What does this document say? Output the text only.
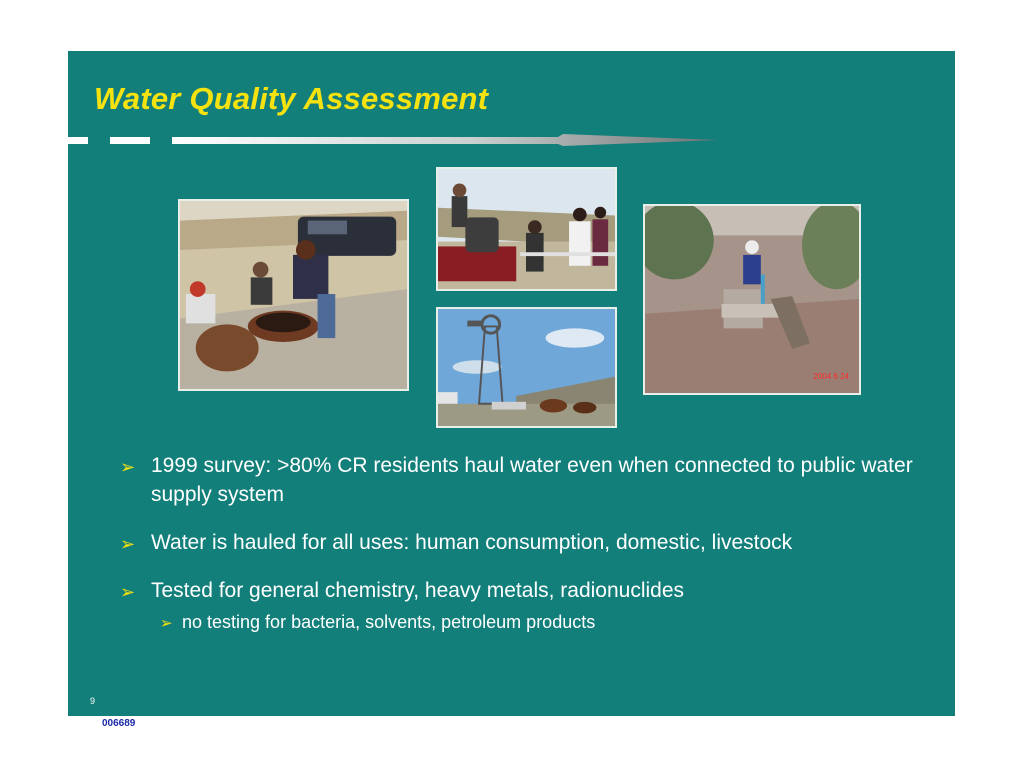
Water Quality Assessment
2004 6 24
➢ 1999 survey: >80% CR residents haul water even when connected to public water supply system
➢ Water is hauled for all uses: human consumption, domestic, livestock
➢ Tested for general chemistry, heavy metals, radionuclides
➢ no testing for bacteria, solvents, petroleum products
9
006689
